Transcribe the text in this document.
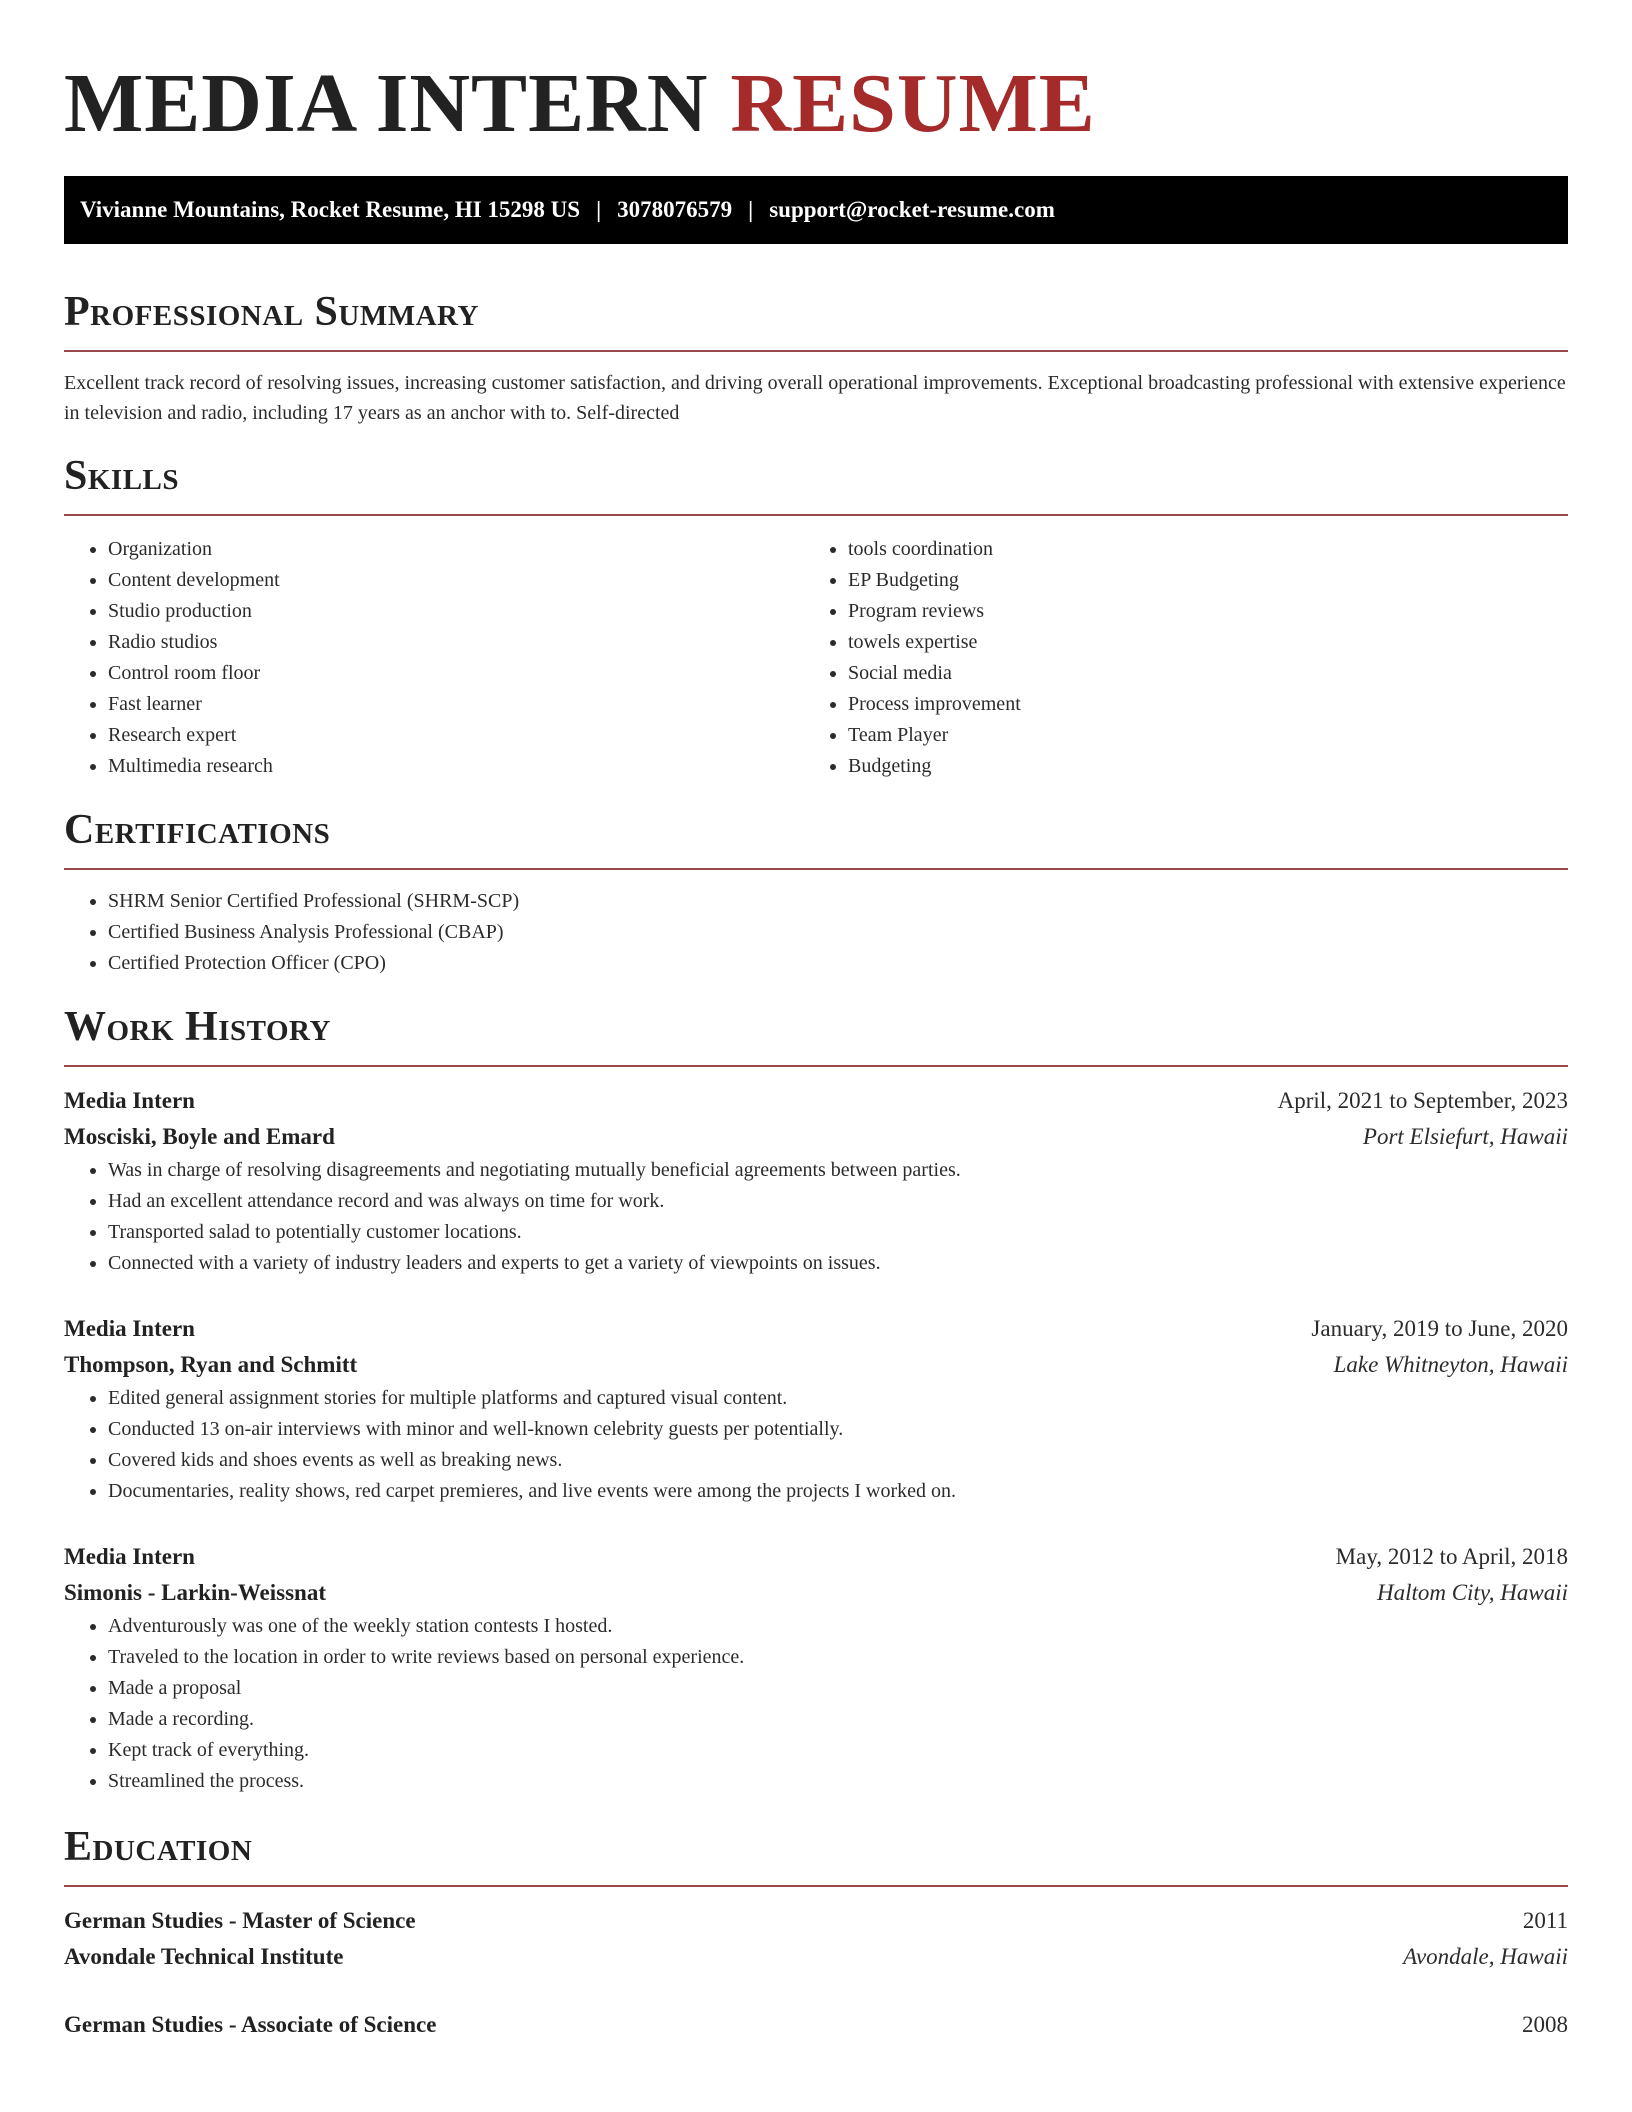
MEDIA INTERN RESUME
Vivianne Mountains, Rocket Resume, HI 15298 US | 3078076579 | support@rocket-resume.com
Professional Summary

Excellent track record of resolving issues, increasing customer satisfaction, and driving overall operational improvements. Exceptional broadcasting professional with extensive experience in television and radio, including 17 years as an anchor with to. Self-directed

Skills
• Organization
• Content development
• Studio production
• Radio studios
• Control room floor
• Fast learner
• Research expert
• Multimedia research
• tools coordination
• EP Budgeting
• Program reviews
• towels expertise
• Social media
• Process improvement
• Team Player
• Budgeting
Certifications
• SHRM Senior Certified Professional (SHRM-SCP)
• Certified Business Analysis Professional (CBAP)
• Certified Protection Officer (CPO)
Work History
Media Intern	April, 2021 to September, 2023
Mosciski, Boyle and Emard	Port Elsiefurt, Hawaii
• Was in charge of resolving disagreements and negotiating mutually beneficial agreements between parties.
• Had an excellent attendance record and was always on time for work.
• Transported salad to potentially customer locations.
• Connected with a variety of industry leaders and experts to get a variety of viewpoints on issues.
Media Intern	January, 2019 to June, 2020
Thompson, Ryan and Schmitt	Lake Whitneyton, Hawaii
• Edited general assignment stories for multiple platforms and captured visual content.
• Conducted 13 on-air interviews with minor and well-known celebrity guests per potentially.
• Covered kids and shoes events as well as breaking news.
• Documentaries, reality shows, red carpet premieres, and live events were among the projects I worked on.
Media Intern	May, 2012 to April, 2018
Simonis - Larkin-Weissnat	Haltom City, Hawaii
• Adventurously was one of the weekly station contests I hosted.
• Traveled to the location in order to write reviews based on personal experience.
• Made a proposal
• Made a recording.
• Kept track of everything.
• Streamlined the process.
Education
German Studies - Master of Science	2011
Avondale Technical Institute	Avondale, Hawaii
German Studies - Associate of Science	2008
